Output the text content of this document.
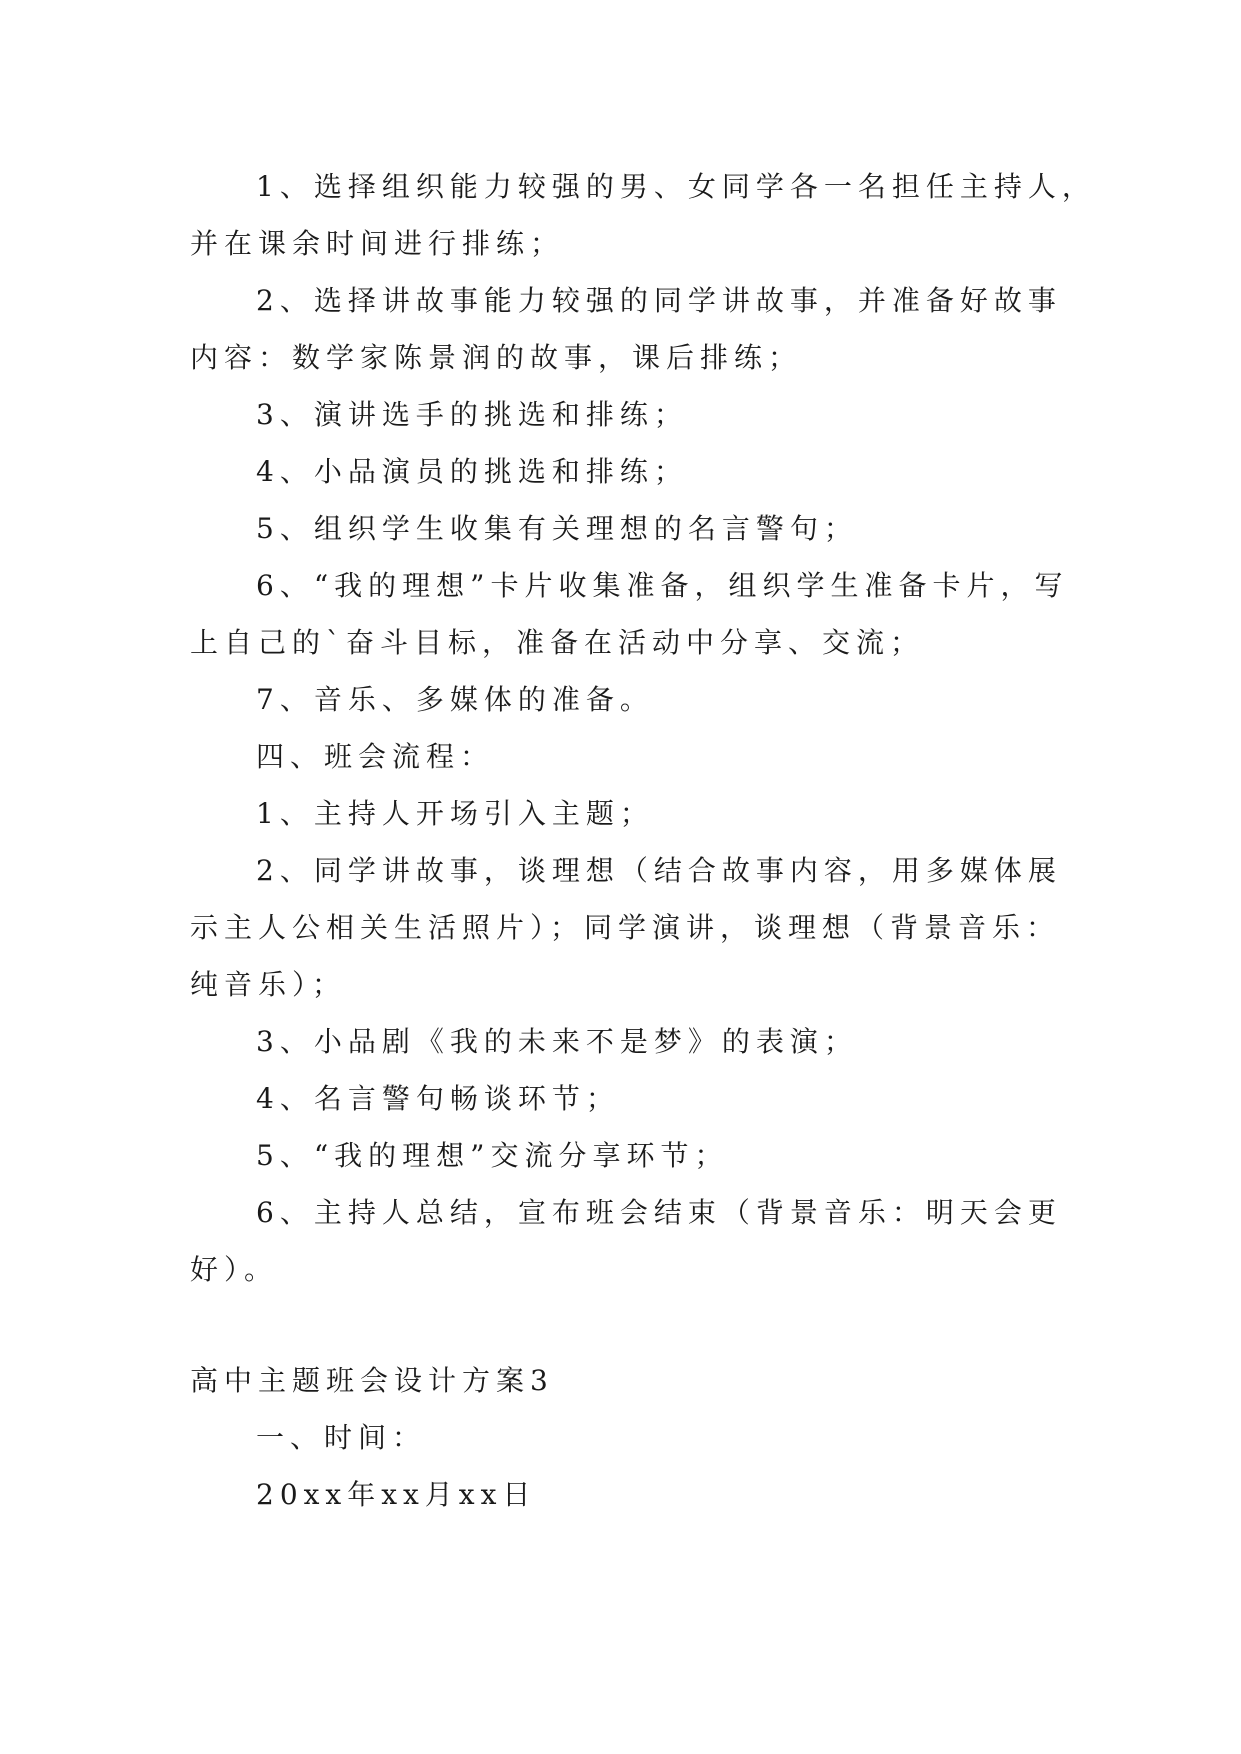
1、选择组织能力较强的男、女同学各一名担任主持人，
并在课余时间进行排练；
2、选择讲故事能力较强的同学讲故事，并准备好故事
内容：数学家陈景润的故事，课后排练；
3、演讲选手的挑选和排练；
4、小品演员的挑选和排练；
5、组织学生收集有关理想的名言警句；
6、“我的理想”卡片收集准备，组织学生准备卡片，写
上自己的`奋斗目标，准备在活动中分享、交流；
7、音乐、多媒体的准备。
四、班会流程：
1、主持人开场引入主题；
2、同学讲故事，谈理想（结合故事内容，用多媒体展
示主人公相关生活照片）；同学演讲，谈理想（背景音乐：
纯音乐）；
3、小品剧《我的未来不是梦》的表演；
4、名言警句畅谈环节；
5、“我的理想”交流分享环节；
6、主持人总结，宣布班会结束（背景音乐：明天会更
好）。
高中主题班会设计方案3
一、时间：
20xx年xx月xx日
